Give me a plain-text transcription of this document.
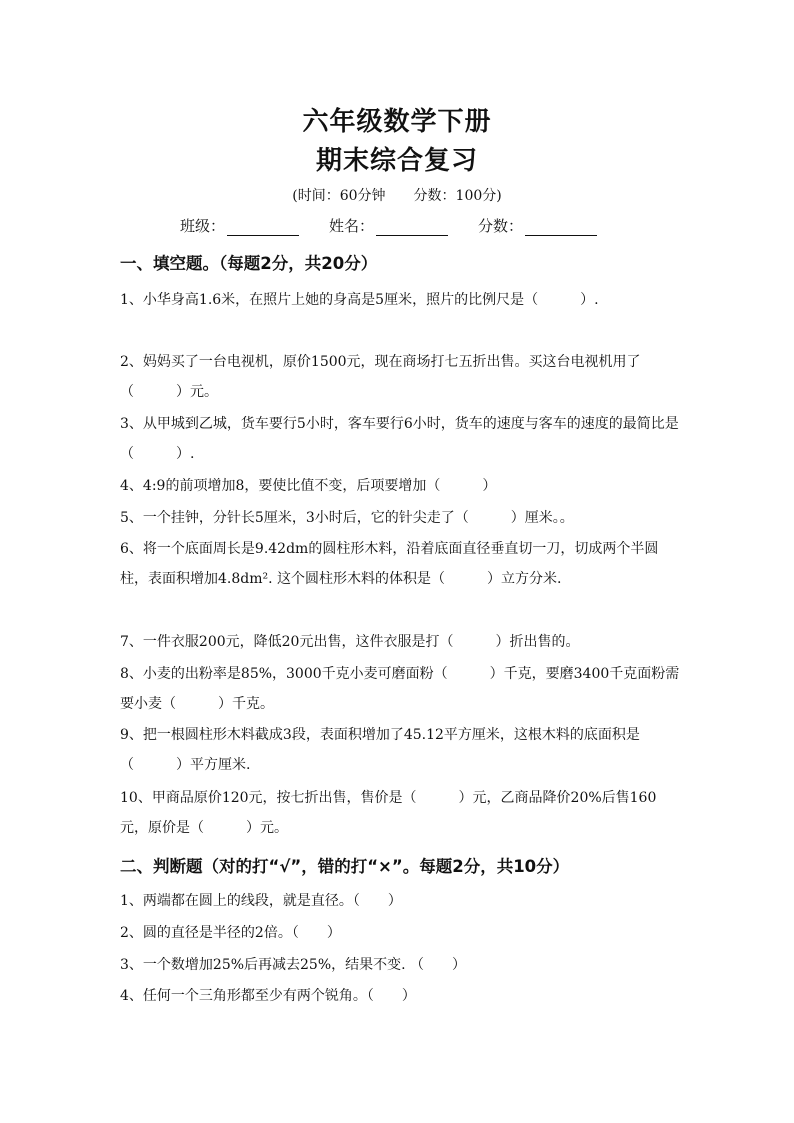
六年级数学下册
期末综合复习
(时间：60分钟　　分数：100分)
班级：	姓名：	分数：
一、填空题。（每题2分，共20分）
1、小华身高1.6米，在照片上她的身高是5厘米，照片的比例尺是（　　　）.
2、妈妈买了一台电视机，原价1500元，现在商场打七五折出售。买这台电视机用了（　　　）元。
3、从甲城到乙城，货车要行5小时，客车要行6小时，货车的速度与客车的速度的最简比是（　　　）.
4、4:9的前项增加8，要使比值不变，后项要增加（　　　）
5、一个挂钟，分针长5厘米，3小时后，它的针尖走了（　　　）厘米。。
6、将一个底面周长是9.42dm的圆柱形木料，沿着底面直径垂直切一刀，切成两个半圆柱，表面积增加4.8dm². 这个圆柱形木料的体积是（　　　）立方分米.
7、一件衣服200元，降低20元出售，这件衣服是打（　　　）折出售的。
8、小麦的出粉率是85%，3000千克小麦可磨面粉（　　　）千克，要磨3400千克面粉需要小麦（　　　）千克。
9、把一根圆柱形木料截成3段，表面积增加了45.12平方厘米，这根木料的底面积是（　　　）平方厘米.
10、甲商品原价120元，按七折出售，售价是（　　　）元，乙商品降价20%后售160元，原价是（　　　）元。
二、判断题（对的打“√”，错的打“×”。每题2分，共10分）
1、两端都在圆上的线段，就是直径。（　　）
2、圆的直径是半径的2倍。（　　）
3、一个数增加25%后再减去25%，结果不变. （　　）
4、任何一个三角形都至少有两个锐角。（　　）
